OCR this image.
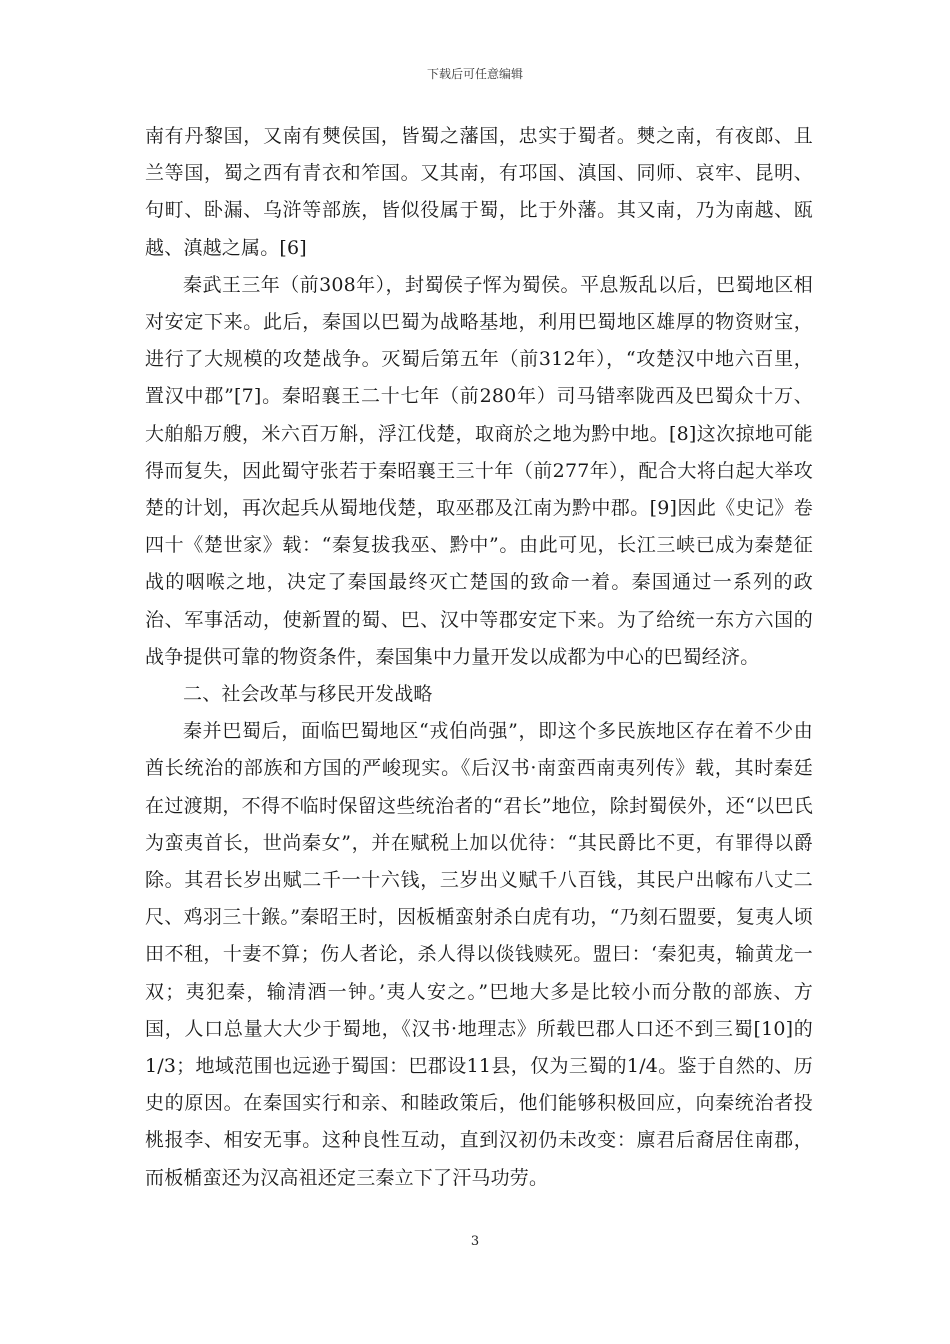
下载后可任意编辑

南有丹黎国，又南有僰侯国，皆蜀之藩国，忠实于蜀者。僰之南，有夜郎、且兰等国，蜀之西有青衣和笮国。又其南，有邛国、滇国、同师、哀牢、昆明、句町、卧漏、乌浒等部族，皆似役属于蜀，比于外藩。其又南，乃为南越、瓯越、滇越之属。[6]

秦武王三年（前308年），封蜀侯子恽为蜀侯。平息叛乱以后，巴蜀地区相对安定下来。此后，秦国以巴蜀为战略基地，利用巴蜀地区雄厚的物资财宝，进行了大规模的攻楚战争。灭蜀后第五年（前312年），“攻楚汉中地六百里，置汉中郡”[7]。秦昭襄王二十七年（前280年）司马错率陇西及巴蜀众十万、大舶船万艘，米六百万斛，浮江伐楚，取商於之地为黔中地。[8]这次掠地可能得而复失，因此蜀守张若于秦昭襄王三十年（前277年），配合大将白起大举攻楚的计划，再次起兵从蜀地伐楚，取巫郡及江南为黔中郡。[9]因此《史记》卷四十《楚世家》载：“秦复拔我巫、黔中”。由此可见，长江三峡已成为秦楚征战的咽喉之地，决定了秦国最终灭亡楚国的致命一着。秦国通过一系列的政治、军事活动，使新置的蜀、巴、汉中等郡安定下来。为了给统一东方六国的战争提供可靠的物资条件，秦国集中力量开发以成都为中心的巴蜀经济。

二、社会改革与移民开发战略

秦并巴蜀后，面临巴蜀地区“戎伯尚强”，即这个多民族地区存在着不少由酋长统治的部族和方国的严峻现实。《后汉书·南蛮西南夷列传》载，其时秦廷在过渡期，不得不临时保留这些统治者的“君长”地位，除封蜀侯外，还“以巴氏为蛮夷首长，世尚秦女”，并在赋税上加以优待：“其民爵比不更，有罪得以爵除。其君长岁出赋二千一十六钱，三岁出义赋千八百钱，其民户出幏布八丈二尺、鸡羽三十鍭。”秦昭王时，因板楯蛮射杀白虎有功，“乃刻石盟要，复夷人顷田不租，十妻不算；伤人者论，杀人得以倓钱赎死。盟曰：‘秦犯夷，输黄龙一双；夷犯秦，输清酒一钟。’夷人安之。”巴地大多是比较小而分散的部族、方国，人口总量大大少于蜀地，《汉书·地理志》所载巴郡人口还不到三蜀[10]的1/3；地域范围也远逊于蜀国：巴郡设11县，仅为三蜀的1/4。鉴于自然的、历史的原因。在秦国实行和亲、和睦政策后，他们能够积极回应，向秦统治者投桃报李、相安无事。这种良性互动，直到汉初仍未改变：廪君后裔居住南郡，而板楯蛮还为汉高祖还定三秦立下了汗马功劳。

3
